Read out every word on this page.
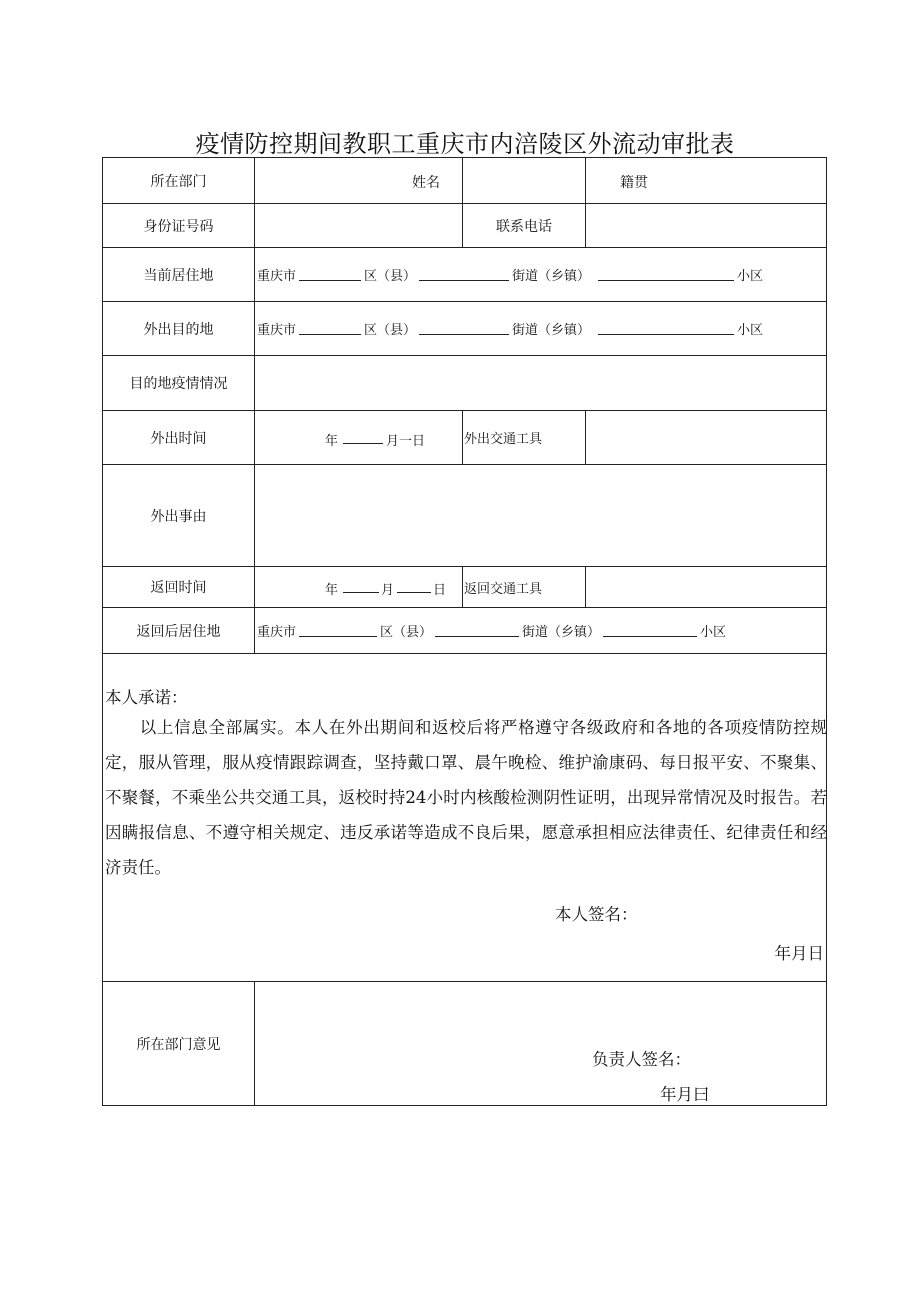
疫情防控期间教职工重庆市内涪陵区外流动审批表
所在部门	姓名	籍贯
身份证号码	联系电话
当前居住地	重庆市	区（县）	街道（乡镇）	小区
外出目的地	重庆市	区（县）	街道（乡镇）	小区
目的地疫情情况
外出时间	年	月一日	外出交通工具
外出事由
返回时间	年	月	日 返回交通工具
返回后居住地	重庆市	区（县）	街道（乡镇）	小区
本人承诺：
以上信息全部属实。本人在外出期间和返校后将严格遵守各级政府和各地的各项疫情防控规定，服从管理，服从疫情跟踪调查，坚持戴口罩、晨午晚检、维护渝康码、每日报平安、不聚集、不聚餐，不乘坐公共交通工具，返校时持24小时内核酸检测阴性证明，出现异常情况及时报告。若因瞒报信息、不遵守相关规定、违反承诺等造成不良后果，愿意承担相应法律责任、纪律责任和经济责任。
本人签名：
年月日
所在部门意见
负责人签名：
年月曰
